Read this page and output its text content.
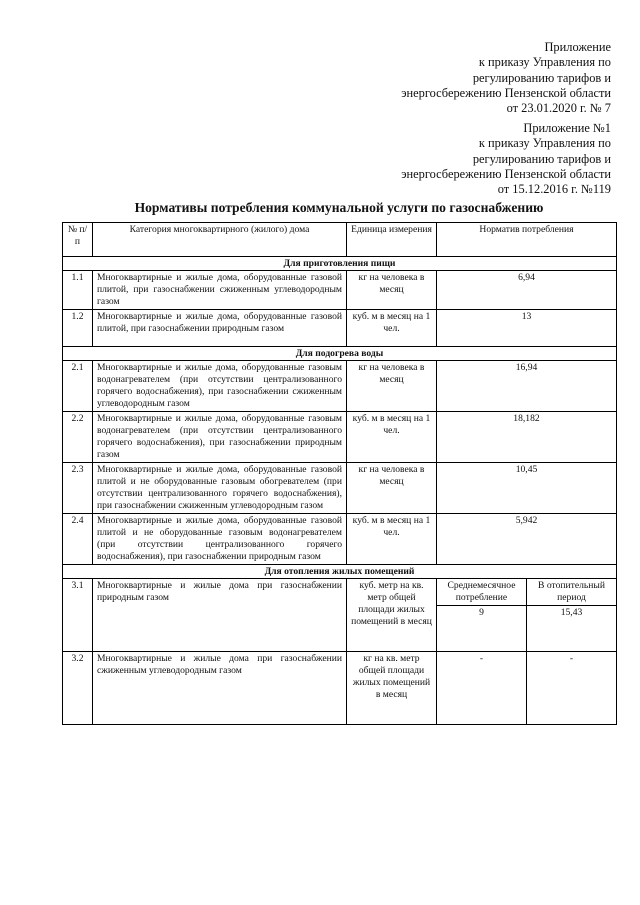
Приложение
к приказу Управления по
регулированию тарифов и
энергосбережению Пензенской области
от 23.01.2020 г. № 7
Приложение №1
к приказу Управления по
регулированию тарифов и
энергосбережению Пензенской области
от 15.12.2016 г. №119
Нормативы потребления коммунальной услуги по газоснабжению
№ п/п	Категория многоквартирного (жилого) дома	Единица измерения	Норматив потребления	
Для приготовления пищи				
1.1	Многоквартирные и жилые дома, оборудованные газовой плитой, при газоснабжении сжиженным углеводородным газом	кг на человека в месяц	6,94	
1.2	Многоквартирные и жилые дома, оборудованные газовой плитой, при газоснабжении природным газом	куб. м в месяц на 1 чел.	13	
Для подогрева воды				
2.1	Многоквартирные и жилые дома, оборудованные газовым водонагревателем (при отсутствии централизованного горячего водоснабжения), при газоснабжении сжиженным углеводородным газом	кг на человека в месяц	16,94	
2.2	Многоквартирные и жилые дома, оборудованные газовым водонагревателем (при отсутствии централизованного горячего водоснабжения), при газоснабжении природным газом	куб. м в месяц на 1 чел.	18,182	
2.3	Многоквартирные и жилые дома, оборудованные газовой плитой и не оборудованные газовым обогревателем (при отсутствии централизованного горячего водоснабжения), при газоснабжении сжиженным углеводородным газом	кг на человека в месяц	10,45	
2.4	Многоквартирные и жилые дома, оборудованные газовой плитой и не оборудованные газовым водонагревателем (при отсутствии централизованного горячего водоснабжения), при газоснабжении природным газом	куб. м в месяц на 1 чел.	5,942	
Для отопления жилых помещений				
3.1	Многоквартирные и жилые дома при газоснабжении природным газом	куб. метр на кв. метр общей площади жилых помещений в месяц	Среднемесячное потребление	В отопительный период
			9	15,43
3.2	Многоквартирные и жилые дома при газоснабжении сжиженным углеводородным газом	кг на кв. метр общей площади жилых помещений в месяц	-	-
